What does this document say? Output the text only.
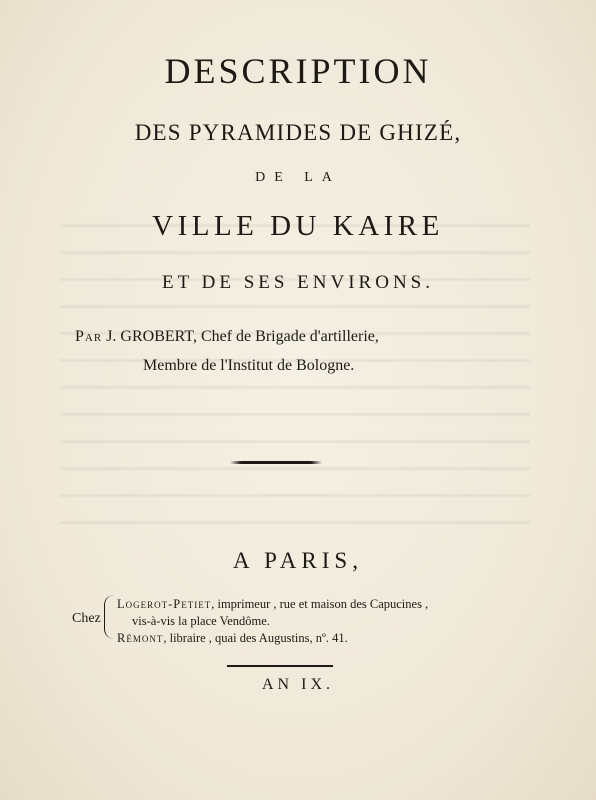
DESCRIPTION
DES PYRAMIDES DE GHIZÉ,
DE LA
VILLE DU KAIRE
ET DE SES ENVIRONS.
Par J. GROBERT, Chef de Brigade d'artillerie,
Membre de l'Institut de Bologne.
A PARIS,
Chez
Logerot-Petiet, imprimeur , rue et maison des Capucines ,
vis-à-vis la place Vendôme.
Rémont, libraire , quai des Augustins, nº. 41.
AN IX.
